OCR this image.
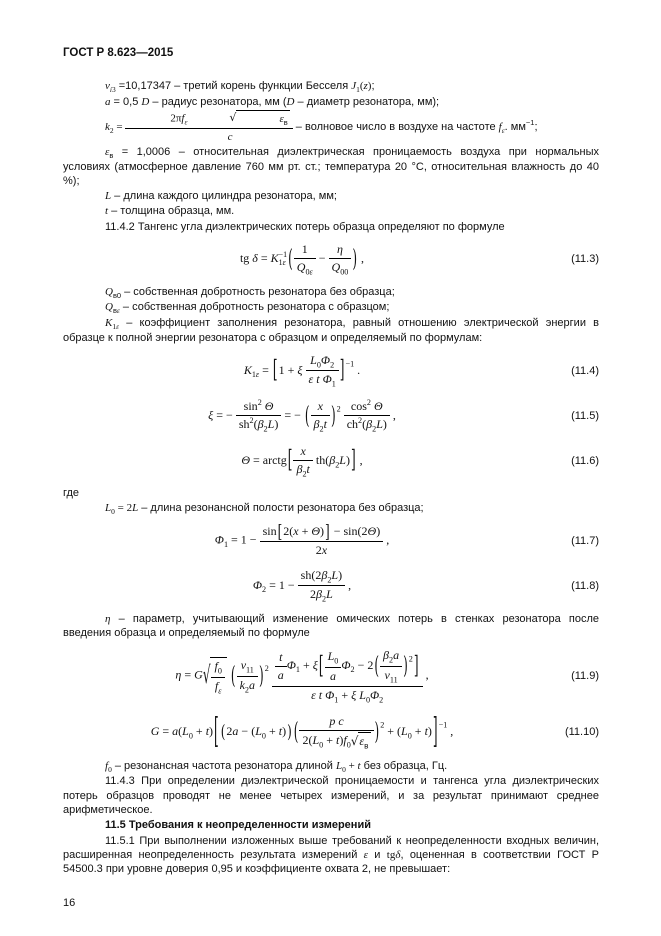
ГОСТ Р 8.623—2015

$\nu_{i3} =10,17347$ – третий корень функции Бесселя $J_1(z)$;

a = 0,5 D – радиус резонатора, мм (D – диаметр резонатора, мм);

$k_2$ =
$2\pi f_\varepsilon$	√	$\varepsilon_в$
c
– волновое число в воздухе на частоте $f_\varepsilon$. $мм^{-1}$;

$\varepsilon_в = 1,0006$ – относительная диэлектрическая проницаемость воздуха при нормальных условиях (атмосферное давление 760 мм рт. ст.; температура 20 °С, относительная влажность до 40 %);

L – длина каждого цилиндра резонатора, мм;

t – толщина образца, мм.

11.4.2 Тангенс угла диэлектрических потерь образца определяют по формуле

tg δ = K −1
1ε ( $\frac{1}{Q_{0\varepsilon}} - \frac{\eta}{Q_{00}}$ ) ,	(11.3)

$Q_{в0}$ – собственная добротность резонатора без образца;

$Q_{в\varepsilon}$ – собственная добротность резонатора с образцом;

$K_{1\varepsilon}$ – коэффициент заполнения резонатора, равный отношению электрической энергии в образце к полной энергии резонатора с образцом и определяемый по формулам:

$K_{1\varepsilon} = [1 + \xi \frac{L_0\Phi_2}{\varepsilon t \Phi_1} ]^{-1}$ .	(11.4)
ξ = − $\frac{\sin^2 \Theta}{sh^2(\beta_2L)}$ = − ( $\frac{x}{\beta_2t} )^2 \frac{\cos^2 \Theta}{ch^2(\beta_2L)}$ ,	(11.5)
Θ = arctg[ $\frac{x}{\beta_2t} th(\beta_2L)$] ,	(11.6)

где

$L_0 = 2L$ – длина резонансной полости резонатора без образца;

$\Phi_1 = 1 - \frac{\sin[2(x + \Theta)] - \sin(2\Theta)}{2x}$ ,	(11.7)
$\Phi_2 = 1 - \frac{sh(2\beta_2L)}{2\beta_2L}$ ,	(11.8)

η – параметр, учитывающий изменение омических потерь в стенках резонатора после введения образца и определяемый по формуле

η = G √ $\frac{f_0}{f_\varepsilon}$ ( $\frac{\nu_{11}}{k_2a} )^2 \frac{t}{a} \Phi_1 + \xi[ \frac{L_0}{a} \Phi_2 - 2( \frac{\beta_2a}{\nu_{11}} )^2]$
ε t $\Phi_1 + \xi$ $L_0\Phi_2$
,	(11.9)
$G = a(L_0 + t)$[ $(2a - (L_0 + t))$ (	p c
$2(L_0 + t)f_0$ √ $\varepsilon_в$
)$^2 + (L_0 + t)]^{-1}$ ,	(11.10)

$f_0$ – резонансная частота резонатора длиной $L_0 + t$ без образца, Гц.

11.4.3 При определении диэлектрической проницаемости и тангенса угла диэлектрических потерь образцов проводят не менее четырех измерений, и за результат принимают среднее арифметическое.

11.5 Требования к неопределенности измерений

11.5.1 При выполнении изложенных выше требований к неопределенности входных величин, расширенная неопределенность результата измерений ε и tgδ, оцененная в соответствии ГОСТ Р 54500.3 при уровне доверия 0,95 и коэффициенте охвата 2, не превышает:

16
